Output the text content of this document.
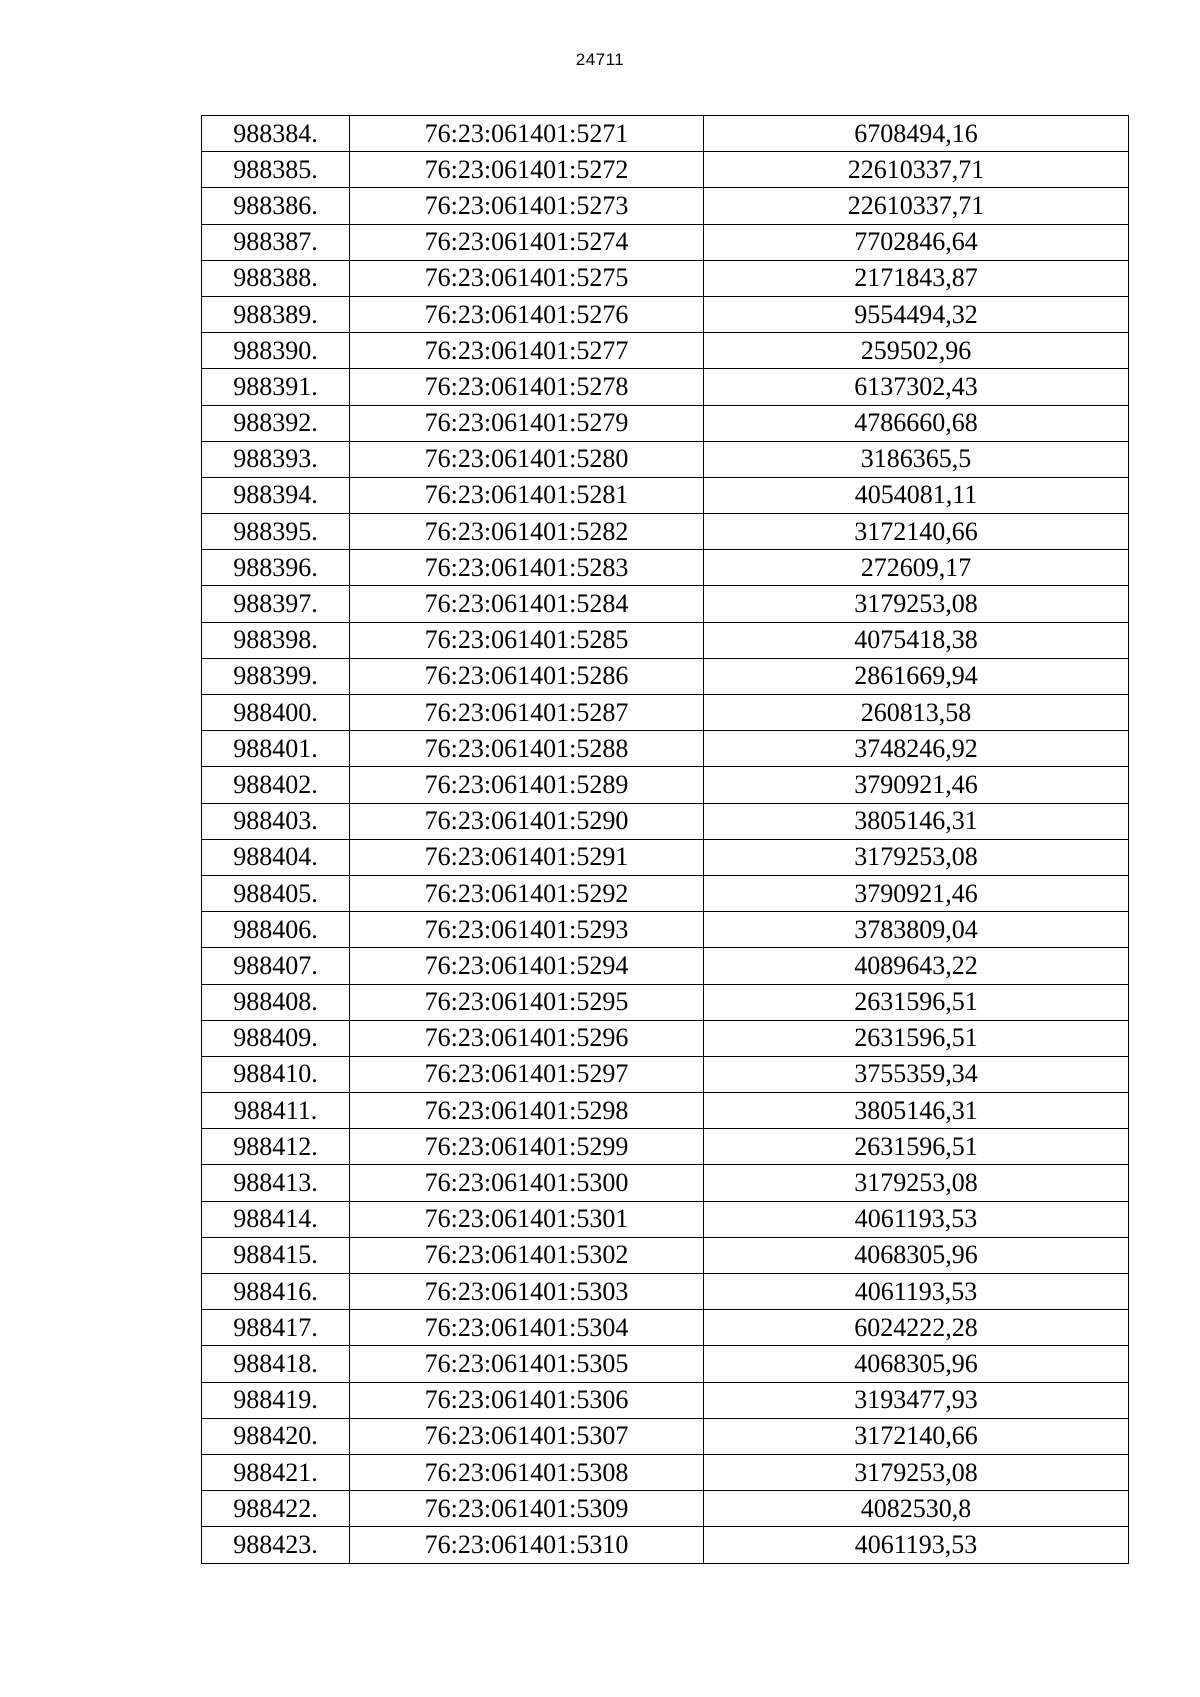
24711
988384.	76:23:061401:5271	6708494,16
988385.	76:23:061401:5272	22610337,71
988386.	76:23:061401:5273	22610337,71
988387.	76:23:061401:5274	7702846,64
988388.	76:23:061401:5275	2171843,87
988389.	76:23:061401:5276	9554494,32
988390.	76:23:061401:5277	259502,96
988391.	76:23:061401:5278	6137302,43
988392.	76:23:061401:5279	4786660,68
988393.	76:23:061401:5280	3186365,5
988394.	76:23:061401:5281	4054081,11
988395.	76:23:061401:5282	3172140,66
988396.	76:23:061401:5283	272609,17
988397.	76:23:061401:5284	3179253,08
988398.	76:23:061401:5285	4075418,38
988399.	76:23:061401:5286	2861669,94
988400.	76:23:061401:5287	260813,58
988401.	76:23:061401:5288	3748246,92
988402.	76:23:061401:5289	3790921,46
988403.	76:23:061401:5290	3805146,31
988404.	76:23:061401:5291	3179253,08
988405.	76:23:061401:5292	3790921,46
988406.	76:23:061401:5293	3783809,04
988407.	76:23:061401:5294	4089643,22
988408.	76:23:061401:5295	2631596,51
988409.	76:23:061401:5296	2631596,51
988410.	76:23:061401:5297	3755359,34
988411.	76:23:061401:5298	3805146,31
988412.	76:23:061401:5299	2631596,51
988413.	76:23:061401:5300	3179253,08
988414.	76:23:061401:5301	4061193,53
988415.	76:23:061401:5302	4068305,96
988416.	76:23:061401:5303	4061193,53
988417.	76:23:061401:5304	6024222,28
988418.	76:23:061401:5305	4068305,96
988419.	76:23:061401:5306	3193477,93
988420.	76:23:061401:5307	3172140,66
988421.	76:23:061401:5308	3179253,08
988422.	76:23:061401:5309	4082530,8
988423.	76:23:061401:5310	4061193,53
